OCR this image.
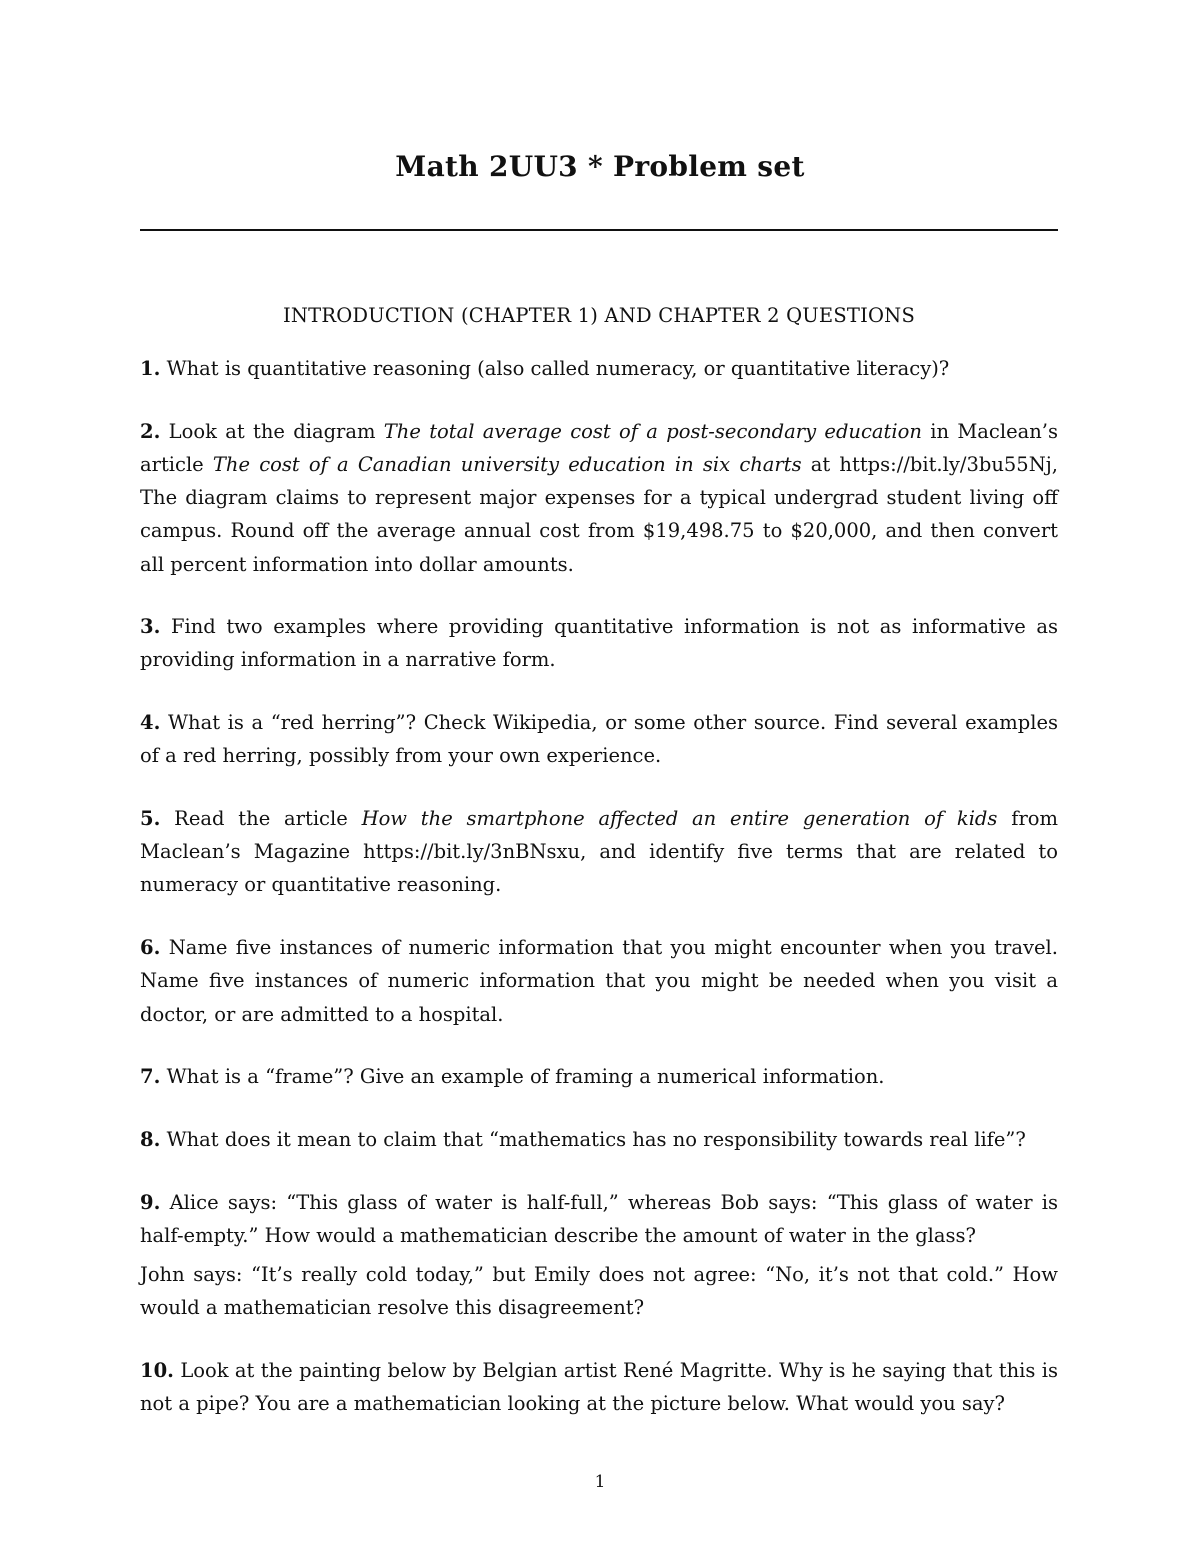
Math 2UU3 * Problem set
INTRODUCTION (CHAPTER 1) AND CHAPTER 2 QUESTIONS

1. What is quantitative reasoning (also called numeracy, or quantitative literacy)?

2. Look at the diagram The total average cost of a post-secondary education in Maclean’s article The cost of a Canadian university education in six charts at https://bit.ly/3bu55Nj, The diagram claims to represent major expenses for a typical undergrad student living off campus. Round off the average annual cost from $19,498.75 to $20,000, and then convert all percent information into dollar amounts.

3. Find two examples where providing quantitative information is not as informative as providing information in a narrative form.

4. What is a “red herring”? Check Wikipedia, or some other source. Find several examples of a red herring, possibly from your own experience.

5. Read the article How the smartphone affected an entire generation of kids from Maclean’s Magazine https://bit.ly/3nBNsxu, and identify five terms that are related to numeracy or quantitative reasoning.

6. Name five instances of numeric information that you might encounter when you travel. Name five instances of numeric information that you might be needed when you visit a doctor, or are admitted to a hospital.

7. What is a “frame”? Give an example of framing a numerical information.

8. What does it mean to claim that “mathematics has no responsibility towards real life”?

9. Alice says: “This glass of water is half-full,” whereas Bob says: “This glass of water is half-empty.” How would a mathematician describe the amount of water in the glass?
John says: “It’s really cold today,” but Emily does not agree: “No, it’s not that cold.” How would a mathematician resolve this disagreement?

10. Look at the painting below by Belgian artist René Magritte. Why is he saying that this is not a pipe? You are a mathematician looking at the picture below. What would you say?

1
